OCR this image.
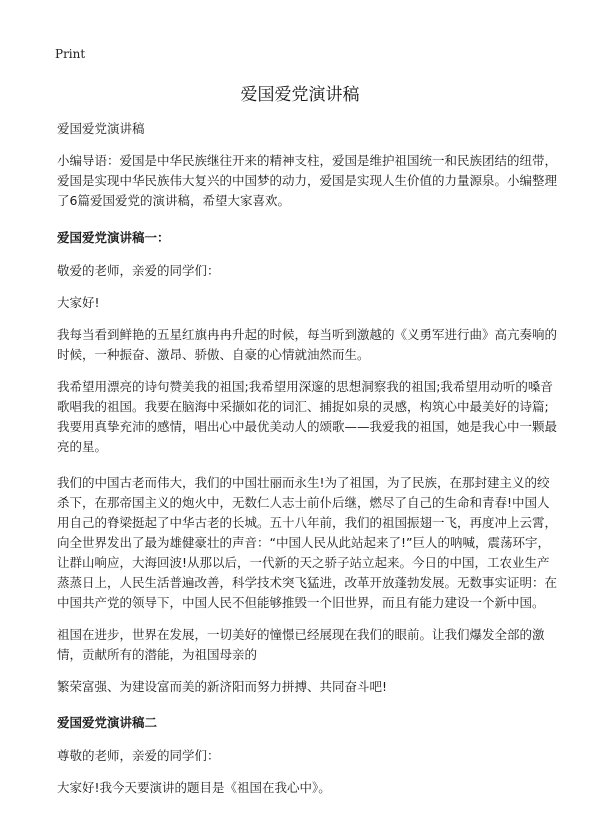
Print
爱国爱党演讲稿

爱国爱党演讲稿

小编导语：爱国是中华民族继往开来的精神支柱，爱国是维护祖国统一和民族团结的纽带，爱国是实现中华民族伟大复兴的中国梦的动力，爱国是实现人生价值的力量源泉。小编整理了6篇爱国爱党的演讲稿，希望大家喜欢。

爱国爱党演讲稿一：

敬爱的老师，亲爱的同学们：

大家好!

我每当看到鲜艳的五星红旗冉冉升起的时候，每当听到激越的《义勇军进行曲》高亢奏响的时候，一种振奋、激昂、骄傲、自豪的心情就油然而生。

我希望用漂亮的诗句赞美我的祖国;我希望用深邃的思想洞察我的祖国;我希望用动听的嗓音歌唱我的祖国。我要在脑海中采撷如花的词汇、捕捉如泉的灵感，构筑心中最美好的诗篇;我要用真挚充沛的感情，唱出心中最优美动人的颂歌——我爱我的祖国，她是我心中一颗最亮的星。

我们的中国古老而伟大，我们的中国壮丽而永生!为了祖国，为了民族，在那封建主义的绞杀下，在那帝国主义的炮火中，无数仁人志士前仆后继，燃尽了自己的生命和青春!中国人用自己的脊梁挺起了中华古老的长城。五十八年前，我们的祖国振翅一飞，再度冲上云霄，向全世界发出了最为雄健豪壮的声音：“中国人民从此站起来了!”巨人的呐喊，震荡环宇，让群山响应，大海回波!从那以后，一代新的天之骄子站立起来。今日的中国，工农业生产蒸蒸日上，人民生活普遍改善，科学技术突飞猛进，改革开放蓬勃发展。无数事实证明：在中国共产党的领导下，中国人民不但能够推毁一个旧世界，而且有能力建设一个新中国。

祖国在进步，世界在发展，一切美好的憧憬已经展现在我们的眼前。让我们爆发全部的激情，贡献所有的潜能，为祖国母亲的

繁荣富强、为建设富而美的新济阳而努力拼搏、共同奋斗吧!

爱国爱党演讲稿二

尊敬的老师，亲爱的同学们：

大家好!我今天要演讲的题目是《祖国在我心中》。
